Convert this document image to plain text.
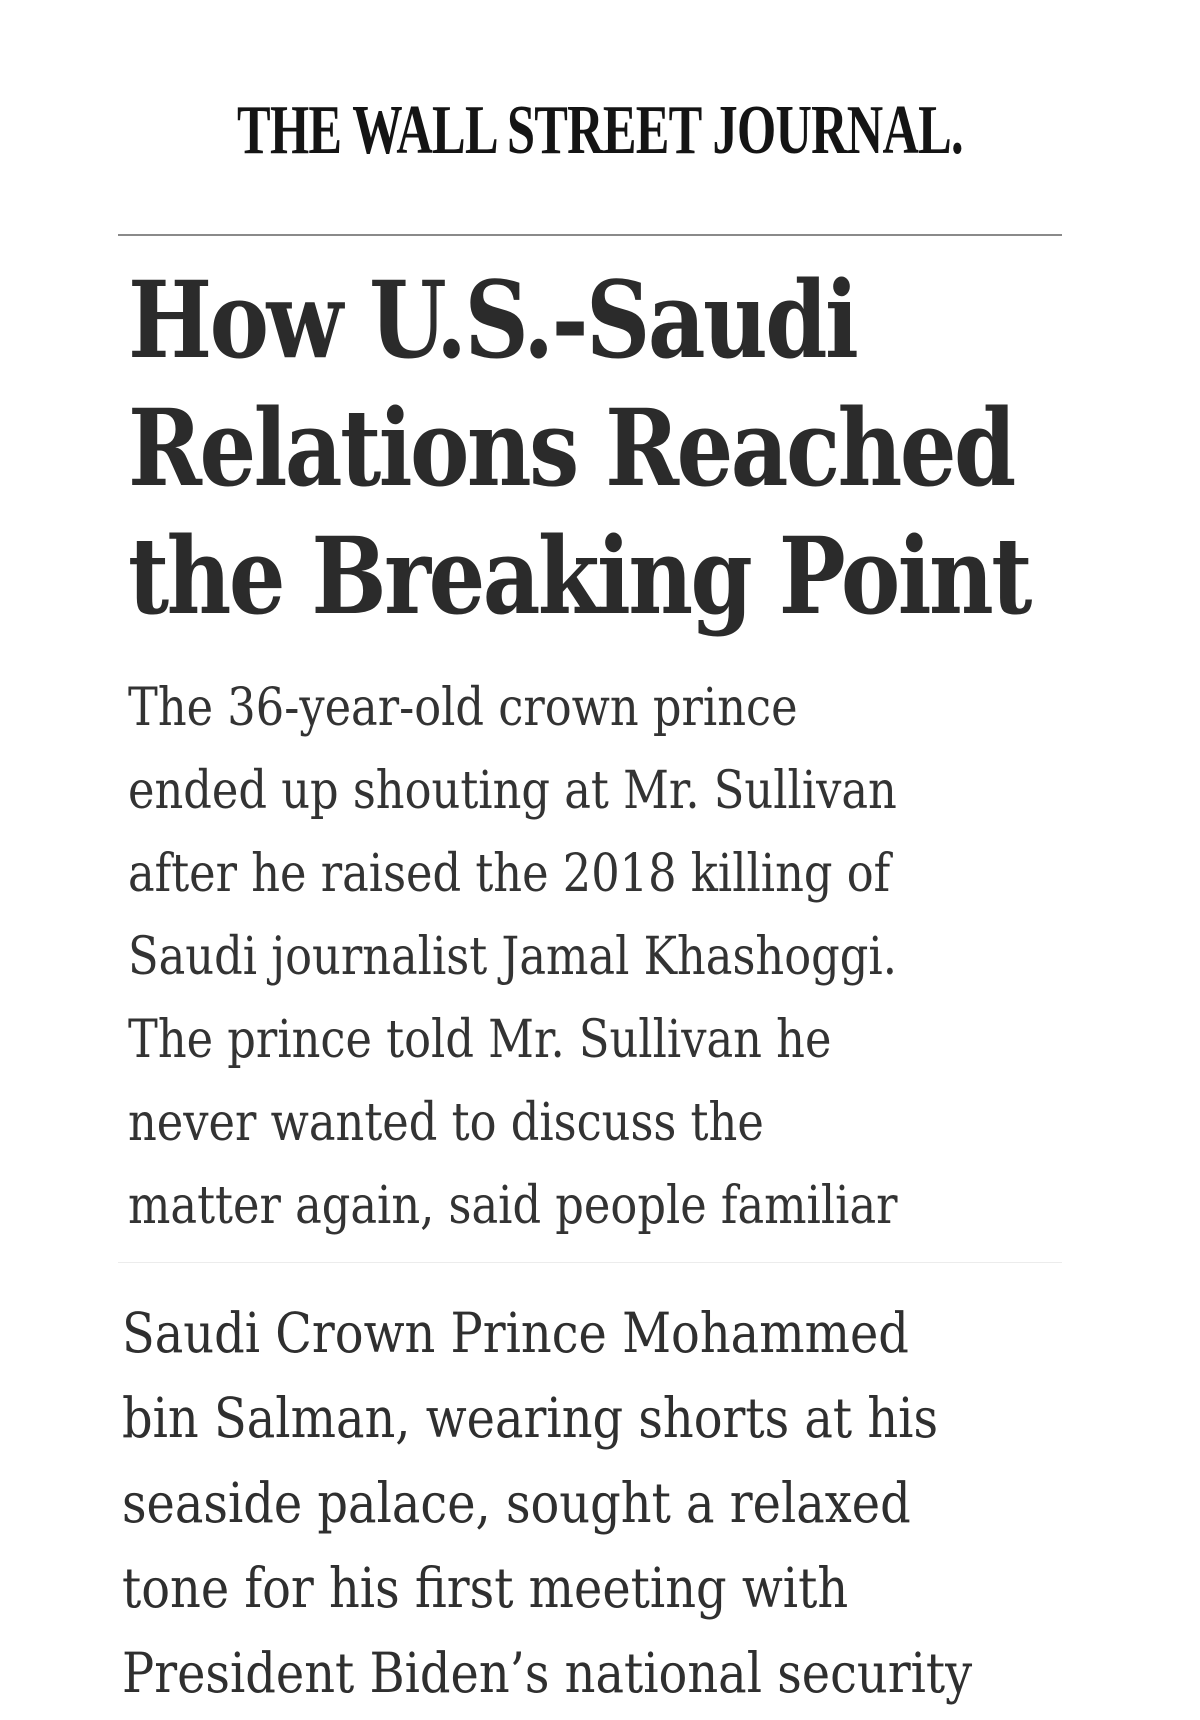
THE WALL STREET JOURNAL.
How U.S.-Saudi
Relations Reached
the Breaking Point

The 36-year-old crown prince
ended up shouting at Mr. Sullivan
after he raised the 2018 killing of
Saudi journalist Jamal Khashoggi.
The prince told Mr. Sullivan he
never wanted to discuss the
matter again, said people familiar

Saudi Crown Prince Mohammed
bin Salman, wearing shorts at his
seaside palace, sought a relaxed
tone for his first meeting with
President Biden’s national security
